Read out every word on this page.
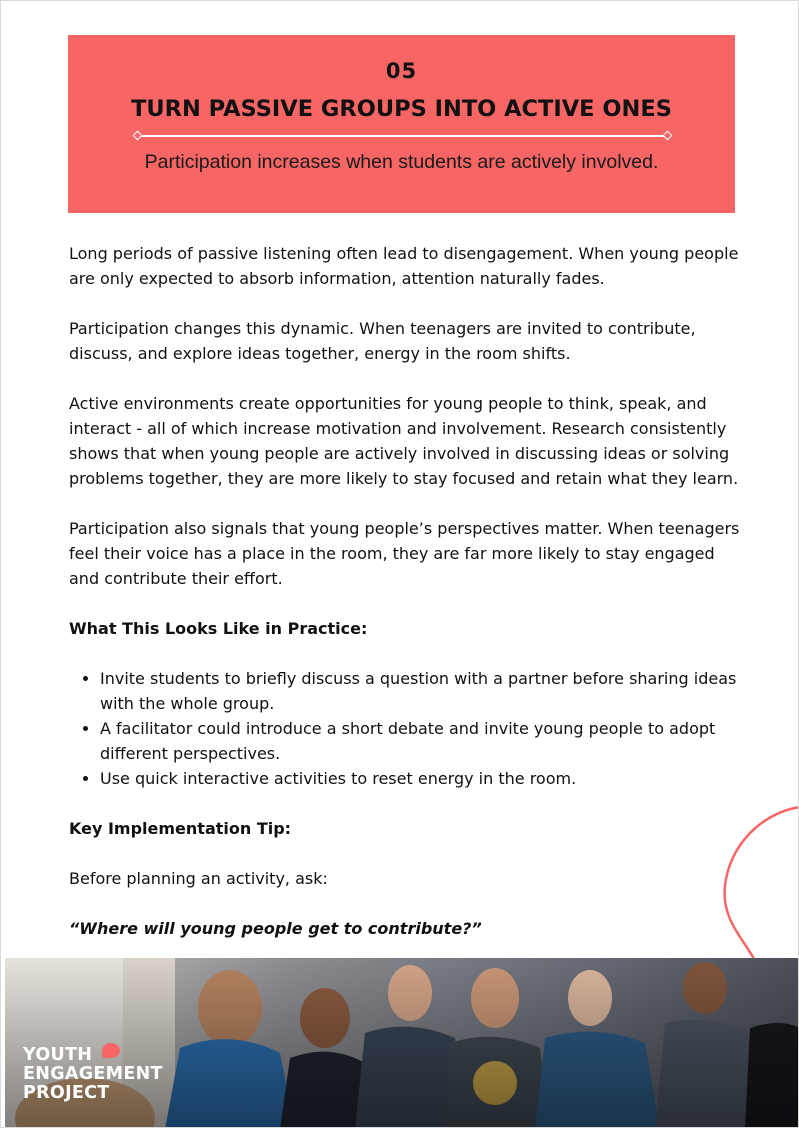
05
TURN PASSIVE GROUPS INTO ACTIVE ONES
Participation increases when students are actively involved.

Long periods of passive listening often lead to disengagement. When young people are only expected to absorb information, attention naturally fades.

Participation changes this dynamic. When teenagers are invited to contribute, discuss, and explore ideas together, energy in the room shifts.

Active environments create opportunities for young people to think, speak, and interact - all of which increase motivation and involvement. Research consistently shows that when young people are actively involved in discussing ideas or solving problems together, they are more likely to stay focused and retain what they learn.

Participation also signals that young people’s perspectives matter. When teenagers feel their voice has a place in the room, they are far more likely to stay engaged and contribute their effort.

What This Looks Like in Practice:

• Invite students to briefly discuss a question with a partner before sharing ideas with the whole group.
• A facilitator could introduce a short debate and invite young people to adopt different perspectives.
• Use quick interactive activities to reset energy in the room.

Key Implementation Tip:

Before planning an activity, ask:

“Where will young people get to contribute?”

YOUTH
ENGAGEMENT
PROJECT
